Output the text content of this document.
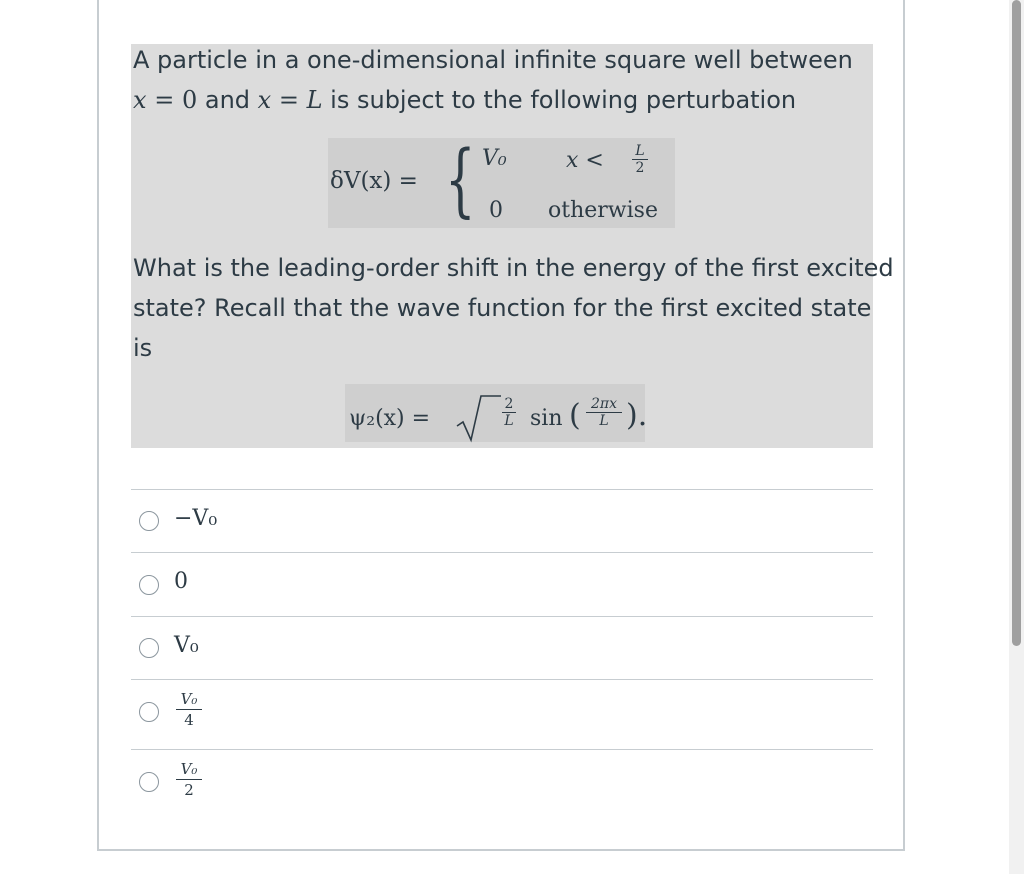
A particle in a one-dimensional infinite square well between
x = 0 and x = L is subject to the following perturbation
δV(x) = { V₀	x < L
2
0 otherwise
What is the leading-order shift in the energy of the first excited
state? Recall that the wave function for the first excited state
is
ψ₂(x) =
2
L sin ( 2πx
L ).
−V₀
0
V₀
V₀
4
V₀
2
